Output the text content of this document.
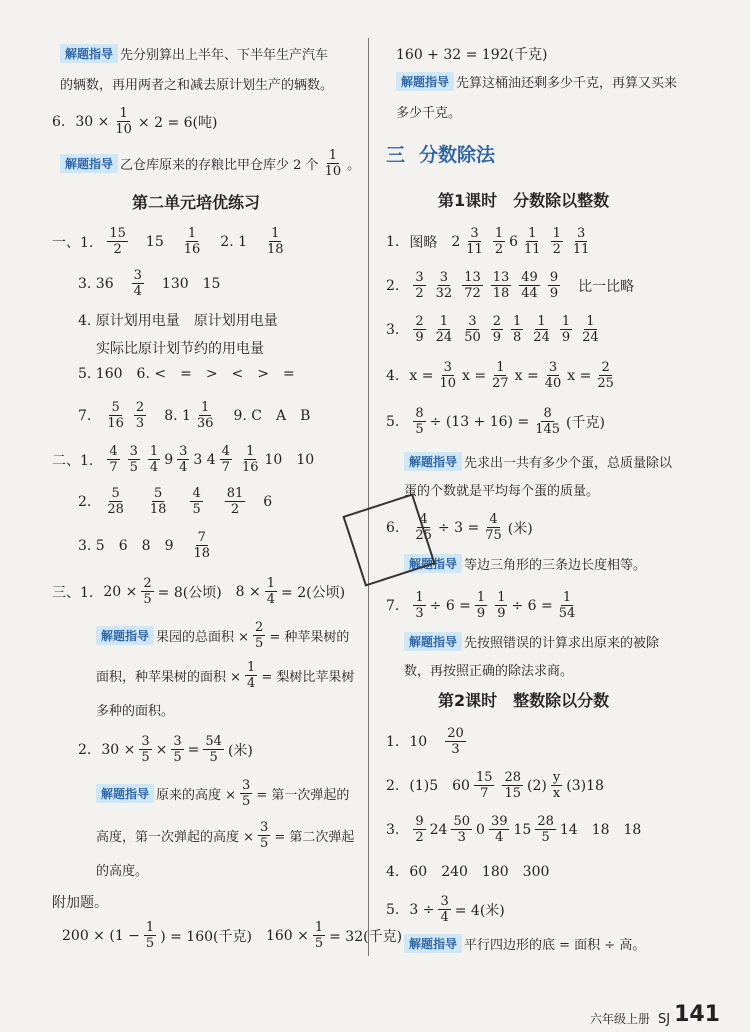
解题指导 先分别算出上半年、下半年生产汽车
的辆数，再用两者之和减去原计划生产的辆数。
6. $30 \times \frac{1}{10} \times 2 = 6$(吨)
解题指导 乙仓库原来的存粮比甲仓库少 2 个 $\frac{1}{10}$ 。
第二单元培优练习
一、1. $\frac{15}{2} 15 \frac{1}{16} 2$. $1 \frac{1}{18}$
3. $36 \frac{3}{4} 130$ 15
4. 原计划用电量 原计划用电量
实际比原计划节约的用电量
5. 160 6. < = > < > =
7. $\frac{5}{16} \frac{2}{3} 8$. $1 \frac{1}{36} 9$. C A B
二、1. $\frac{4}{7} \frac{3}{5} \frac{1}{4} 9 \frac{3}{4} 3$ $4 \frac{4}{7} \frac{1}{16} 10$ 10
2. $\frac{5}{28} \frac{5}{18} \frac{4}{5} \frac{81}{2} 6$
3. 5 6 8 $9 \frac{7}{18}$
三、1. $20 \times \frac{2}{5} = 8$(公顷) $8 \times \frac{1}{4} = 2$(公顷)
解题指导 果园的总面积 × $\frac{2}{5}$ = 种苹果树的
面积，种苹果树的面积 × $\frac{1}{4}$ = 梨树比苹果树
多种的面积。
2. $30 \times \frac{3}{5} \times \frac{3}{5} = \frac{54}{5}$ (米)
解题指导 原来的高度 × $\frac{3}{5}$ = 第一次弹起的
高度，第一次弹起的高度 × $\frac{3}{5}$ = 第二次弹起
的高度。
附加题。
$200 \times (1 - \frac{1}{5}$ ) = 160(千克) $160 \times \frac{1}{5} = 32$(千克)
160 + 32 = 192(千克)
解题指导 先算这桶油还剩多少千克，再算又买来
多少千克。
三 分数除法
第1课时　分数除以整数
1. 图略 $2 \frac{3}{11} \frac{1}{2} 6 \frac{1}{11} \frac{1}{2} \frac{3}{11}$
2. $\frac{3}{2} \frac{3}{32} \frac{13}{72} \frac{13}{18} \frac{49}{44} \frac{9}{9}$ 比一比略
3. $\frac{2}{9} \frac{1}{24} \frac{3}{50} \frac{2}{9} \frac{1}{8} \frac{1}{24} \frac{1}{9} \frac{1}{24}$
4. $x = \frac{3}{10}$ $x = \frac{1}{27}$ $x = \frac{3}{40}$ $x = \frac{2}{25}$
5. $\frac{8}{5} \div (13 + 16) = \frac{8}{145}$ (千克)
解题指导 先求出一共有多少个蛋，总质量除以
蛋的个数就是平均每个蛋的质量。
6. $\frac{4}{25} \div 3 = \frac{4}{75}$ (米)
解题指导 等边三角形的三条边长度相等。
7. $\frac{1}{3} \div 6 = \frac{1}{9} \frac{1}{9} \div 6 = \frac{1}{54}$
解题指导 先按照错误的计算求出原来的被除
数，再按照正确的除法求商。
第2课时　整数除以分数
1. $10 \frac{20}{3}$
2. (1)5 $60 \frac{15}{7} \frac{28}{15} (2) \frac{y}{x} (3)18$
3. $\frac{9}{2} 24 \frac{50}{3} 0 \frac{39}{4} 15 \frac{28}{5} 14$ 18 18
4. 60 240 180 300
5. $3 \div \frac{3}{4} = 4$(米)
解题指导 平行四边形的底 = 面积 ÷ 高。
六年级上册 SJ 141
